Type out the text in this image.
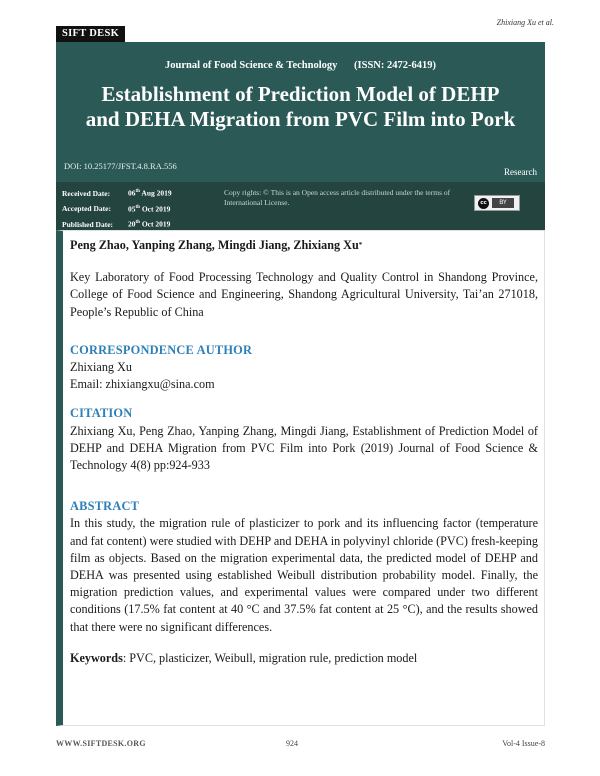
SIFT DESK
Zhixiang Xu et al.
Journal of Food Science & Technology (ISSN: 2472-6419)
Establishment of Prediction Model of DEHP
and DEHA Migration from PVC Film into Pork
DOI: 10.25177/JFST.4.8.RA.556
Research
Received Date: 06th Aug 2019
Accepted Date: 05th Oct 2019
Published Date: 20th Oct 2019
Copy rights: © This is an Open access article distributed under the terms of International License.	cc	BY
Peng Zhao, Yanping Zhang, Mingdi Jiang, Zhixiang Xu*
Key Laboratory of Food Processing Technology and Quality Control in Shandong Province, College of Food Science and Engineering, Shandong Agricultural University, Tai’an 271018, People’s Republic of China
CORRESPONDENCE AUTHOR
Zhixiang Xu
Email: zhixiangxu@sina.com
CITATION
Zhixiang Xu, Peng Zhao, Yanping Zhang, Mingdi Jiang, Establishment of Prediction Model of DEHP and DEHA Migration from PVC Film into Pork (2019) Journal of Food Science & Technology 4(8) pp:924-933
ABSTRACT
In this study, the migration rule of plasticizer to pork and its influencing factor (temperature and fat content) were studied with DEHP and DEHA in polyvinyl chloride (PVC) fresh-keeping film as objects. Based on the migration experimental data, the predicted model of DEHP and DEHA was presented using established Weibull distribution probability model. Finally, the migration prediction values, and experimental values were compared under two different conditions (17.5% fat content at 40 °C and 37.5% fat content at 25 °C), and the results showed that there were no significant differences.
Keywords: PVC, plasticizer, Weibull, migration rule, prediction model
WWW.SIFTDESK.ORG	924	Vol-4 Issue-8
